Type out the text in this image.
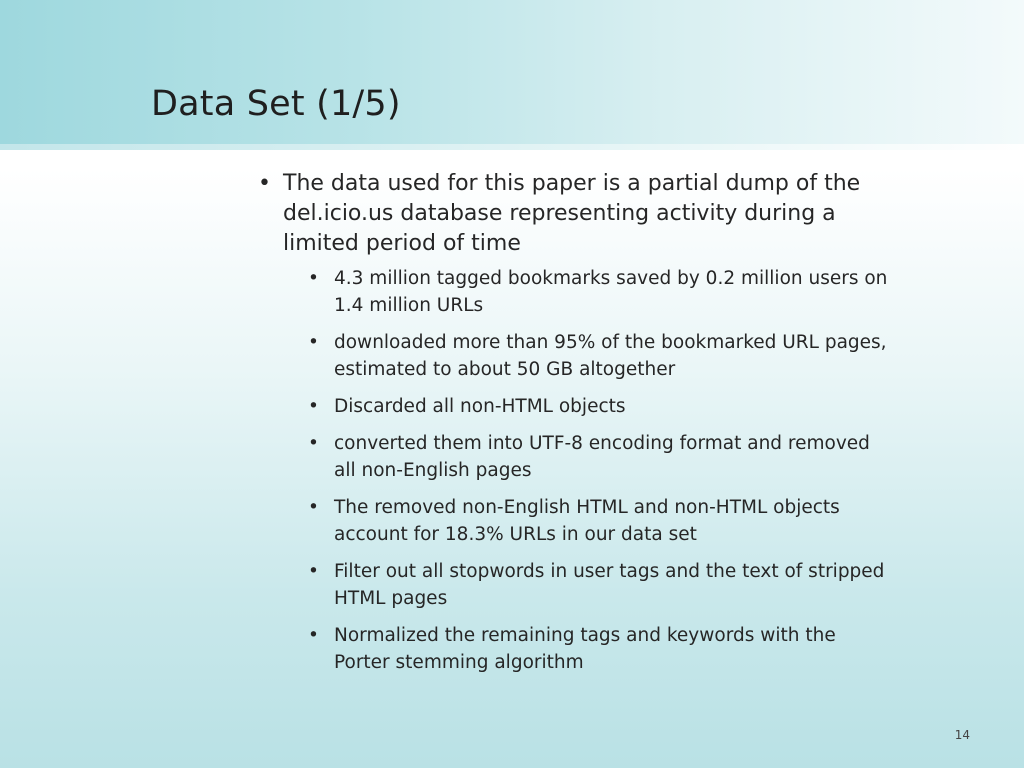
Data Set (1/5)
• The data used for this paper is a partial dump of the del.icio.us database representing activity during a limited period of time
• 4.3 million tagged bookmarks saved by 0.2 million users on 1.4 million URLs
• downloaded more than 95% of the bookmarked URL pages, estimated to about 50 GB altogether
• Discarded all non-HTML objects
• converted them into UTF-8 encoding format and removed all non-English pages
• The removed non-English HTML and non-HTML objects account for 18.3% URLs in our data set
• Filter out all stopwords in user tags and the text of stripped HTML pages
• Normalized the remaining tags and keywords with the Porter stemming algorithm
14
